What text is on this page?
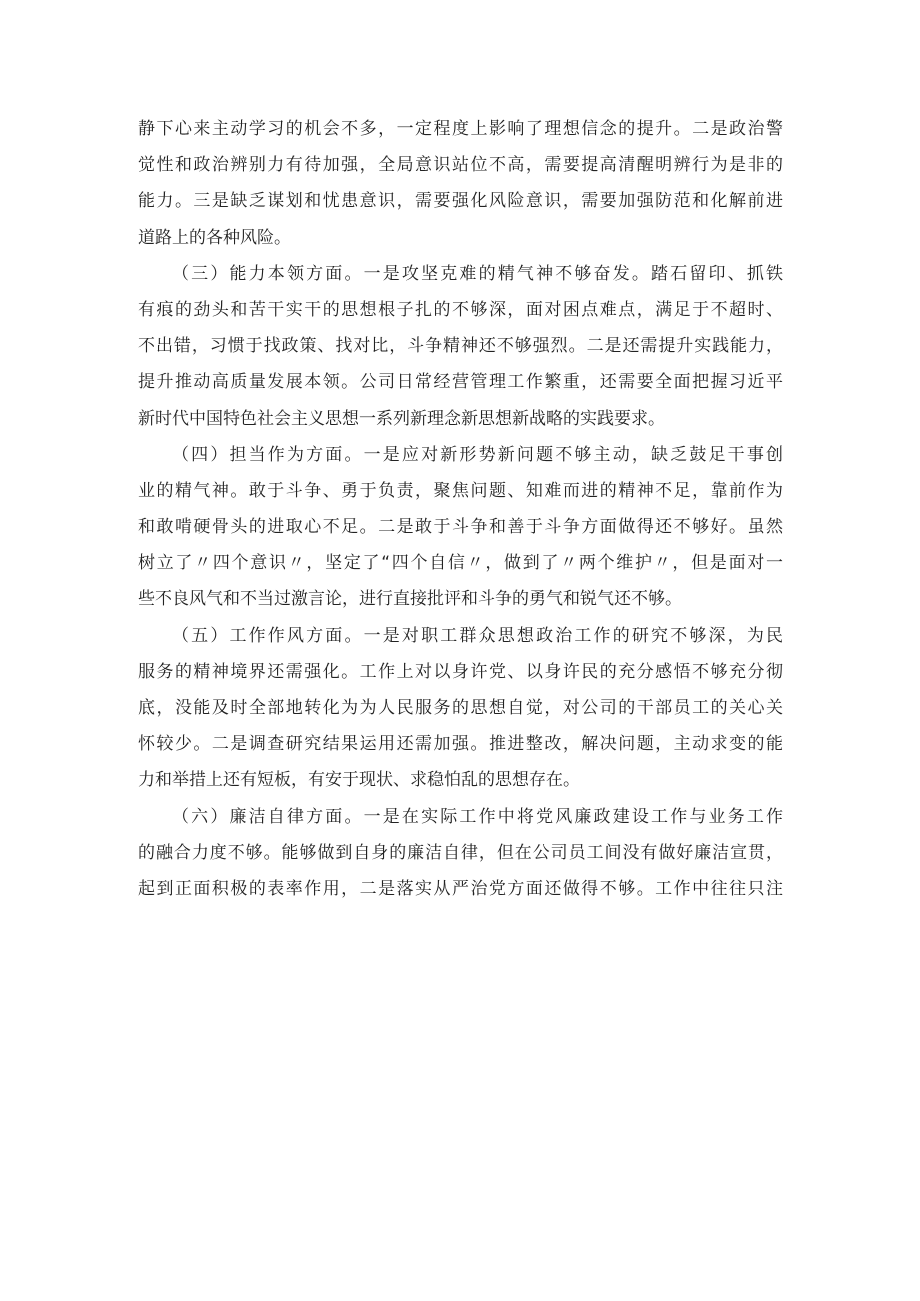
静下心来主动学习的机会不多，一定程度上影响了理想信念的提升。二是政治警
觉性和政治辨别力有待加强，全局意识站位不高，需要提高清醒明辨行为是非的
能力。三是缺乏谋划和忧患意识，需要强化风险意识，需要加强防范和化解前进
道路上的各种风险。
（三）能力本领方面。一是攻坚克难的精气神不够奋发。踏石留印、抓铁
有痕的劲头和苦干实干的思想根子扎的不够深，面对困点难点，满足于不超时、
不出错，习惯于找政策、找对比，斗争精神还不够强烈。二是还需提升实践能力，
提升推动高质量发展本领。公司日常经营管理工作繁重，还需要全面把握习近平
新时代中国特色社会主义思想一系列新理念新思想新战略的实践要求。
（四）担当作为方面。一是应对新形势新问题不够主动，缺乏鼓足干事创
业的精气神。敢于斗争、勇于负责，聚焦问题、知难而进的精神不足，靠前作为
和敢啃硬骨头的进取心不足。二是敢于斗争和善于斗争方面做得还不够好。虽然
树立了〃四个意识〃，坚定了“四个自信〃，做到了〃两个维护〃，但是面对一
些不良风气和不当过激言论，进行直接批评和斗争的勇气和锐气还不够。
（五）工作作风方面。一是对职工群众思想政治工作的研究不够深，为民
服务的精神境界还需强化。工作上对以身许党、以身许民的充分感悟不够充分彻
底，没能及时全部地转化为为人民服务的思想自觉，对公司的干部员工的关心关
怀较少。二是调查研究结果运用还需加强。推进整改，解决问题，主动求变的能
力和举措上还有短板，有安于现状、求稳怕乱的思想存在。
（六）廉洁自律方面。一是在实际工作中将党风廉政建设工作与业务工作
的融合力度不够。能够做到自身的廉洁自律，但在公司员工间没有做好廉洁宣贯，
起到正面积极的表率作用，二是落实从严治党方面还做得不够。工作中往往只注
